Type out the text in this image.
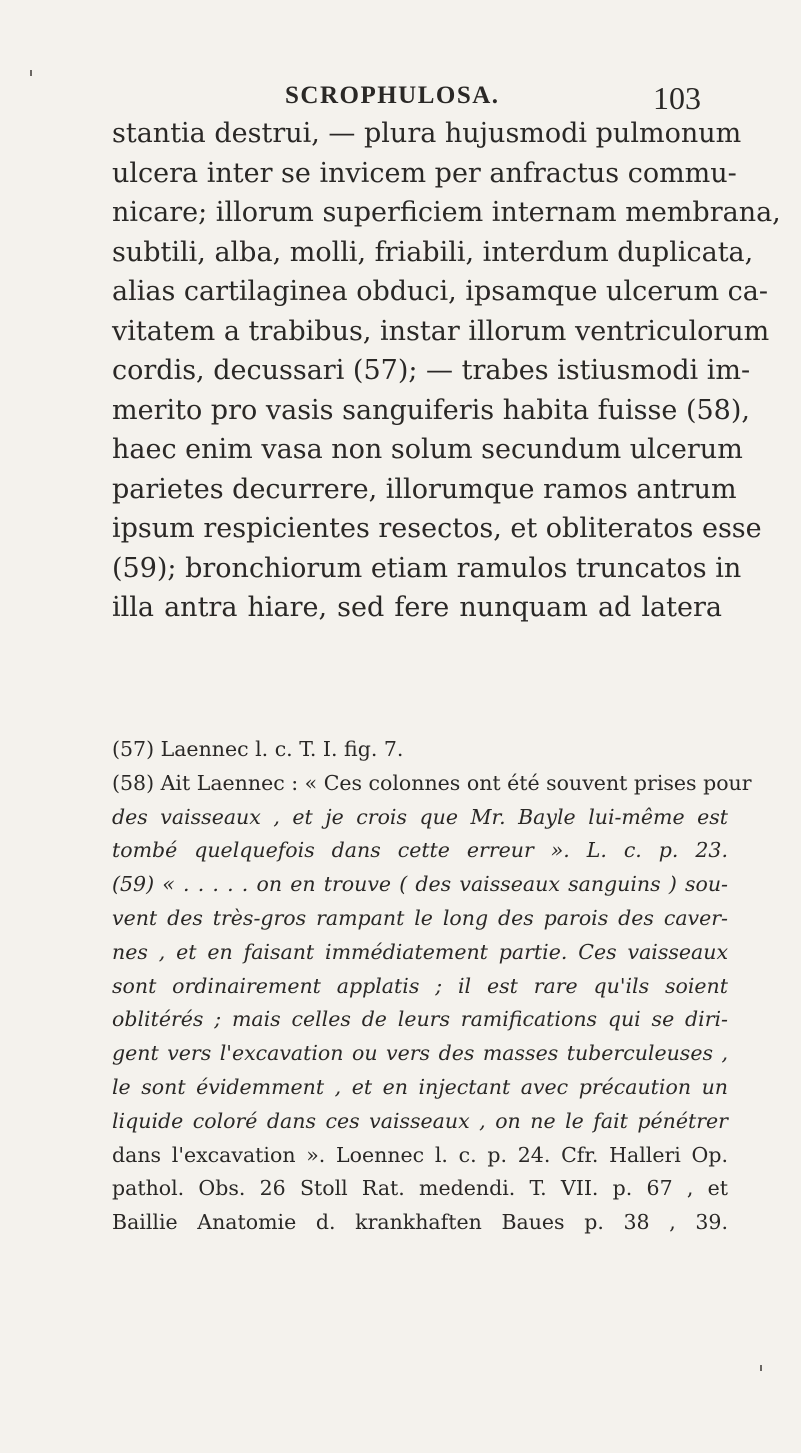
SCROPHULOSA.	103
stantia destrui, — plura hujusmodi pulmonum
ulcera inter se invicem per anfractus commu-
nicare; illorum superficiem internam membrana,
subtili, alba, molli, friabili, interdum duplicata,
alias cartilaginea obduci, ipsamque ulcerum ca-
vitatem a trabibus, instar illorum ventriculorum
cordis, decussari (57); — trabes istiusmodi im-
merito pro vasis sanguiferis habita fuisse (58),
haec enim vasa non solum secundum ulcerum
parietes decurrere, illorumque ramos antrum
ipsum respicientes resectos, et obliteratos esse
(59); bronchiorum etiam ramulos truncatos in
illa antra hiare, sed fere nunquam ad latera
(57) Laennec l. c. T. I. fig. 7.
(58) Ait Laennec : « Ces colonnes ont été souvent prises pour
des vaisseaux , et je crois que Mr. Bayle lui-même est
tombé quelquefois dans cette erreur ». L. c. p. 23.
(59) « . . . . . on en trouve ( des vaisseaux sanguins ) sou-
vent des très-gros rampant le long des parois des caver-
nes , et en faisant immédiatement partie. Ces vaisseaux
sont ordinairement applatis ; il est rare qu'ils soient
oblitérés ; mais celles de leurs ramifications qui se diri-
gent vers l'excavation ou vers des masses tuberculeuses ,
le sont évidemment , et en injectant avec précaution un
liquide coloré dans ces vaisseaux , on ne le fait pénétrer
dans l'excavation ». Loennec l. c. p. 24. Cfr. Halleri Op.
pathol. Obs. 26 Stoll Rat. medendi. T. VII. p. 67 , et
Baillie Anatomie d. krankhaften Baues p. 38 , 39.
